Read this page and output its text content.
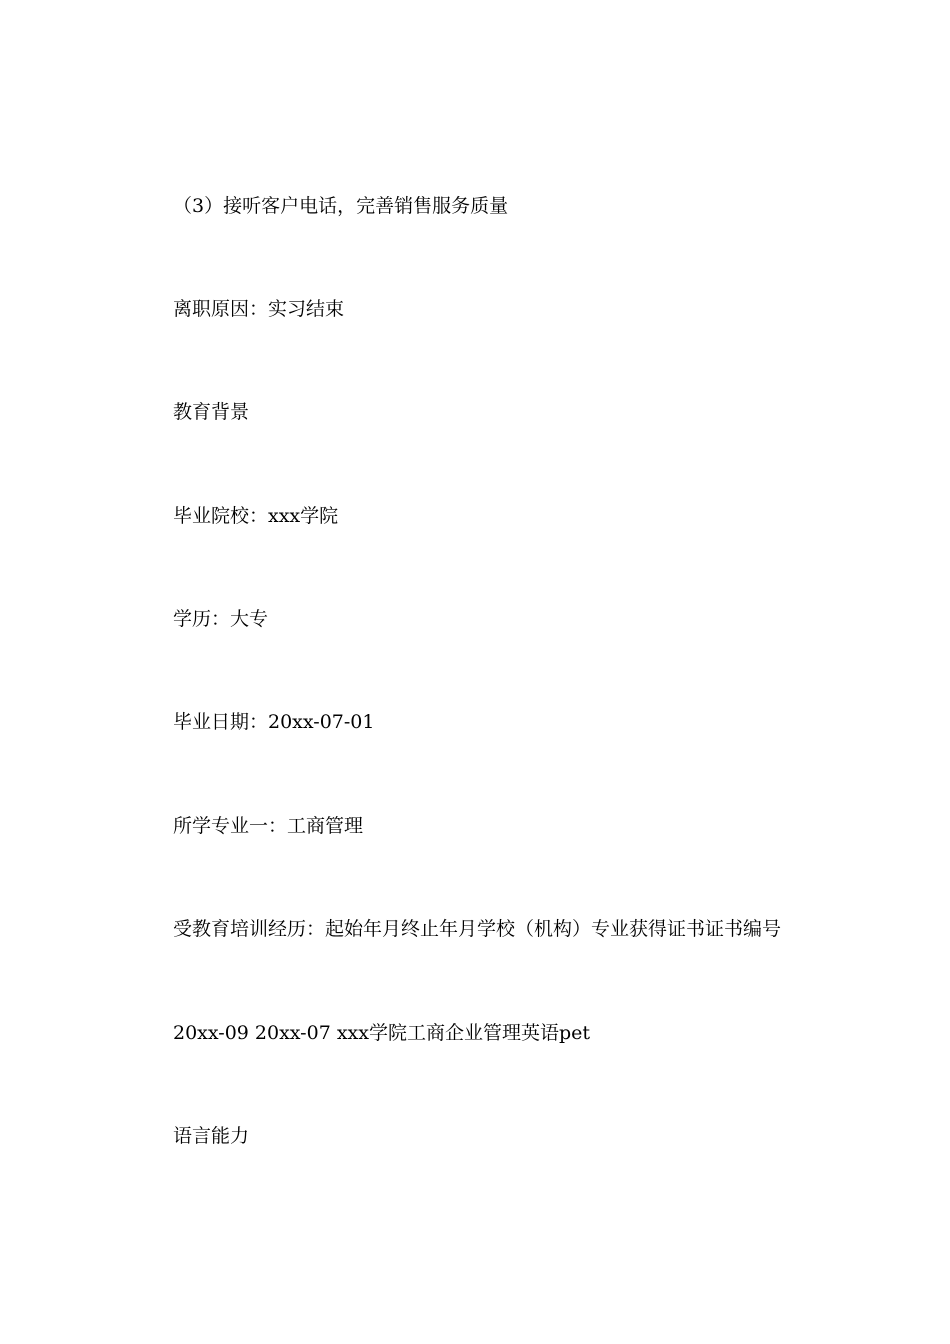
（3）接听客户电话，完善销售服务质量
离职原因：实习结束
教育背景
毕业院校：xxx学院
学历：大专
毕业日期：20xx-07-01
所学专业一：工商管理
受教育培训经历：起始年月终止年月学校（机构）专业获得证书证书编号
20xx-09 20xx-07 xxx学院工商企业管理英语pet
语言能力
